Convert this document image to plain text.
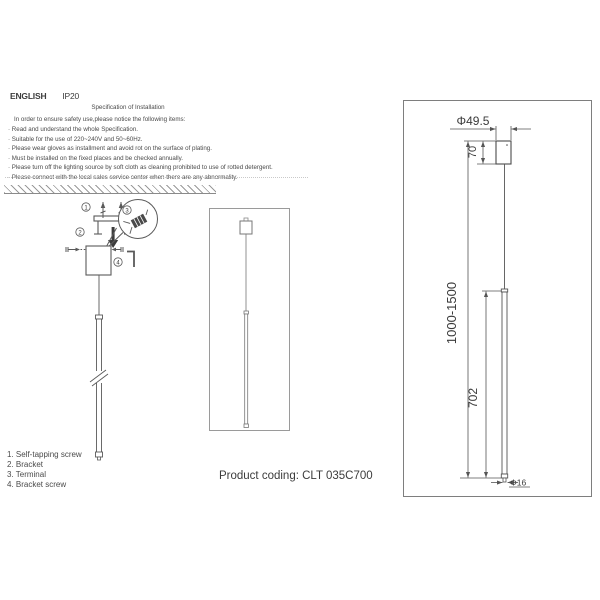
ENGLISH IP20
Specification of Installation
In order to ensure safety use,please notice the following items:
· Read and understand the whole Specification.
· Suitable for the use of 220~240V and 50~60Hz.
· Please wear gloves as installment and avoid rot on the surface of plating.
· Must be installed on the fixed places and be checked annually.
· Please turn off the lighting source by soft cloth as cleaning prohibited to use of rotted detergent.
· Please connect with the local sales service center when there are any abnormality.
1
2
3
4
Φ49.5
70
1000-1500
702
Φ16
1. Self-tapping screw
2. Bracket
3. Terminal
4. Bracket screw
Product coding: CLT 035C700
